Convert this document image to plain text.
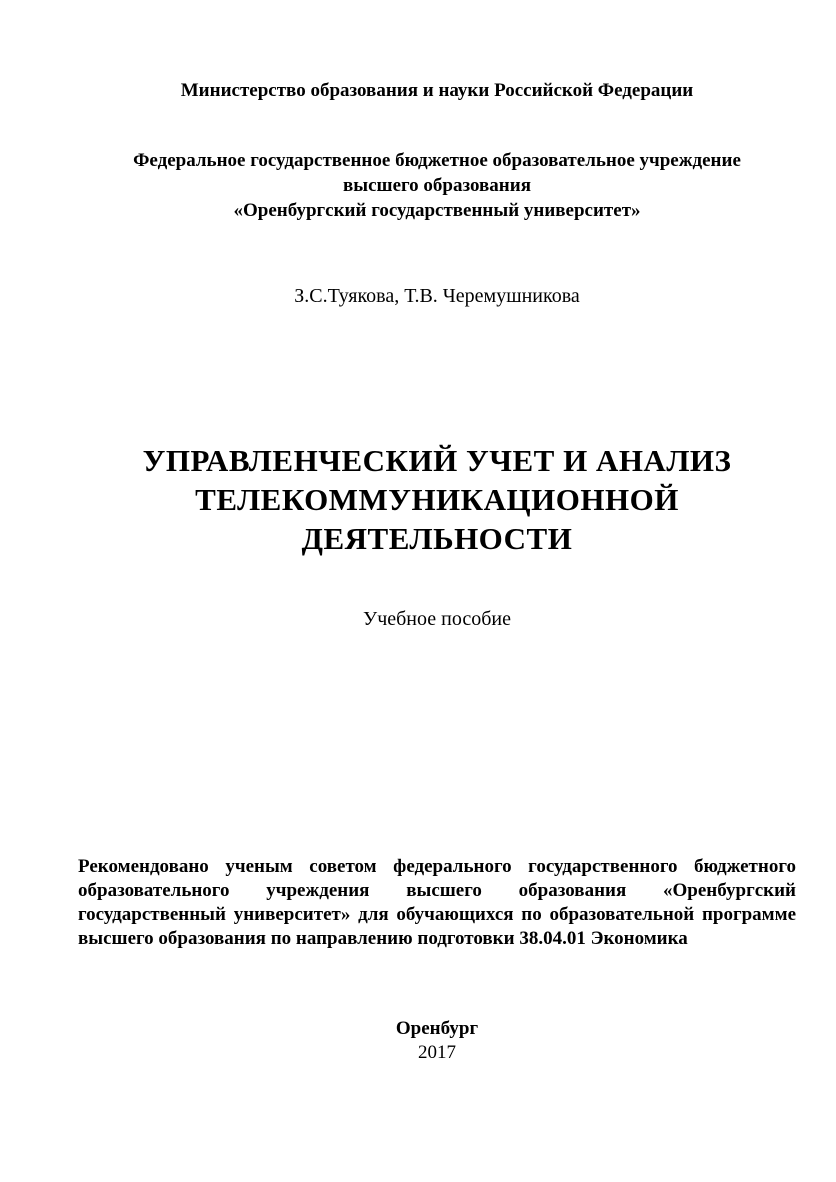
Министерство образования и науки Российской Федерации
Федеральное государственное бюджетное образовательное учреждение
высшего образования
«Оренбургский государственный университет»
З.С.Туякова, Т.В. Черемушникова
УПРАВЛЕНЧЕСКИЙ УЧЕТ И АНАЛИЗ
ТЕЛЕКОММУНИКАЦИОННОЙ
ДЕЯТЕЛЬНОСТИ
Учебное пособие
Рекомендовано ученым советом федерального государственного бюджетного
образовательного учреждения высшего образования «Оренбургский
государственный университет» для обучающихся по образовательной программе
высшего образования по направлению подготовки 38.04.01 Экономика
Оренбург
2017
